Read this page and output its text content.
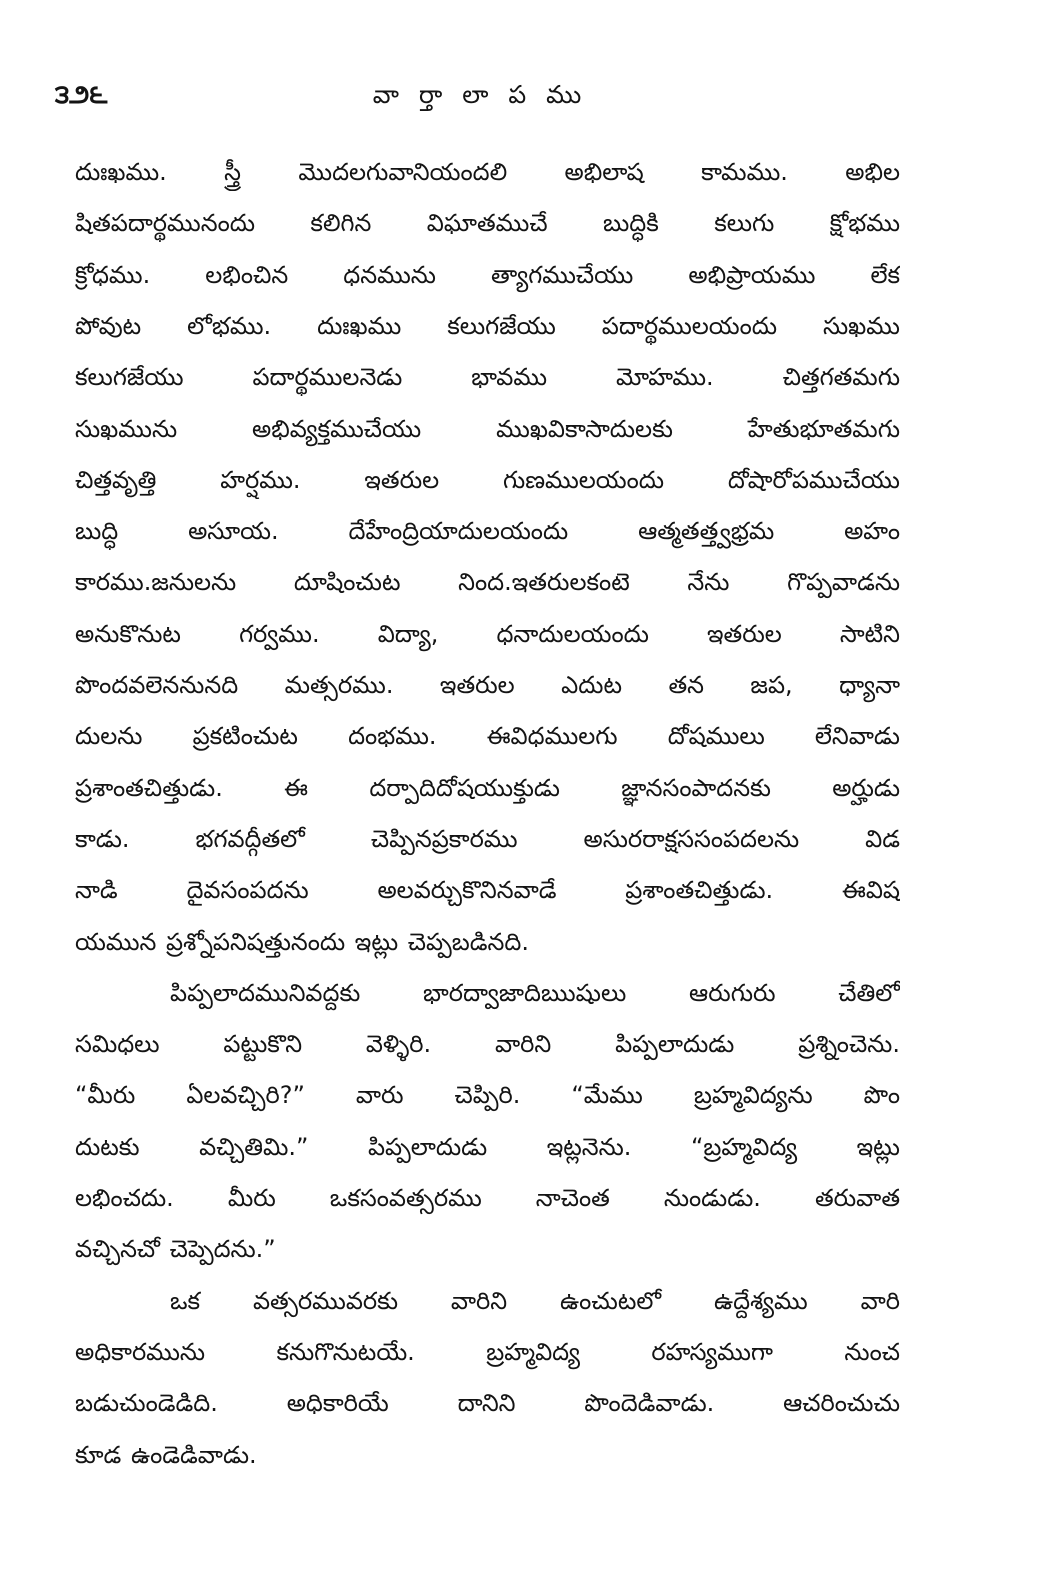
౩౨౬	వా ర్తా లా ప ము
దుఃఖము. స్త్రీ మొదలగువానియందలి అభిలాష కామము. అభిల
షితపదార్థమునందు కలిగిన విఘాతముచే బుద్ధికి కలుగు క్షోభము
క్రోధము. లభించిన ధనమును త్యాగముచేయు అభిప్రాయము లేక
పోవుట లోభము. దుఃఖము కలుగజేయు పదార్థములయందు సుఖము
కలుగజేయు పదార్థములనెడు భావము మోహము. చిత్తగతమగు
సుఖమును అభివ్యక్తముచేయు ముఖవికాసాదులకు హేతుభూతమగు
చిత్తవృత్తి హర్షము. ఇతరుల గుణములయందు దోషారోపముచేయు
బుద్ధి అసూయ. దేహేంద్రియాదులయందు ఆత్మతత్త్వభ్రమ అహం
కారము.జనులను దూషించుట నింద.ఇతరులకంటె నేను గొప్పవాడను
అనుకొనుట గర్వము. విద్యా, ధనాదులయందు ఇతరుల సాటిని
పొందవలెననునది మత్సరము. ఇతరుల ఎదుట తన జప, ధ్యానా
దులను ప్రకటించుట దంభము. ఈవిధములగు దోషములు లేనివాడు
ప్రశాంతచిత్తుడు. ఈ దర్పాదిదోషయుక్తుడు జ్ఞానసంపాదనకు అర్హుడు
కాడు. భగవద్గీతలో చెప్పినప్రకారము అసురరాక్షససంపదలను విడ
నాడి దైవసంపదను అలవర్చుకొనినవాడే ప్రశాంతచిత్తుడు. ఈవిష
యమున ప్రశ్నోపనిషత్తునందు ఇట్లు చెప్పబడినది.
పిప్పలాదమునివద్దకు భారద్వాజాదిఋషులు ఆరుగురు చేతిలో
సమిధలు పట్టుకొని వెళ్ళిరి. వారిని పిప్పలాదుడు ప్రశ్నించెను.
“మీరు ఏలవచ్చిరి?” వారు చెప్పిరి. “మేము బ్రహ్మవిద్యను పొం
దుటకు వచ్చితిమి.” పిప్పలాదుడు ఇట్లనెను. “బ్రహ్మవిద్య ఇట్లు
లభించదు. మీరు ఒకసంవత్సరము నాచెంత నుండుడు. తరువాత
వచ్చినచో చెప్పెదను.”
ఒక వత్సరమువరకు వారిని ఉంచుటలో ఉద్దేశ్యము వారి
అధికారమును కనుగొనుటయే. బ్రహ్మవిద్య రహస్యముగా నుంచ
బడుచుండెడిది. అధికారియే దానిని పొందెడివాడు. ఆచరించుచు
కూడ ఉండెడివాడు.
